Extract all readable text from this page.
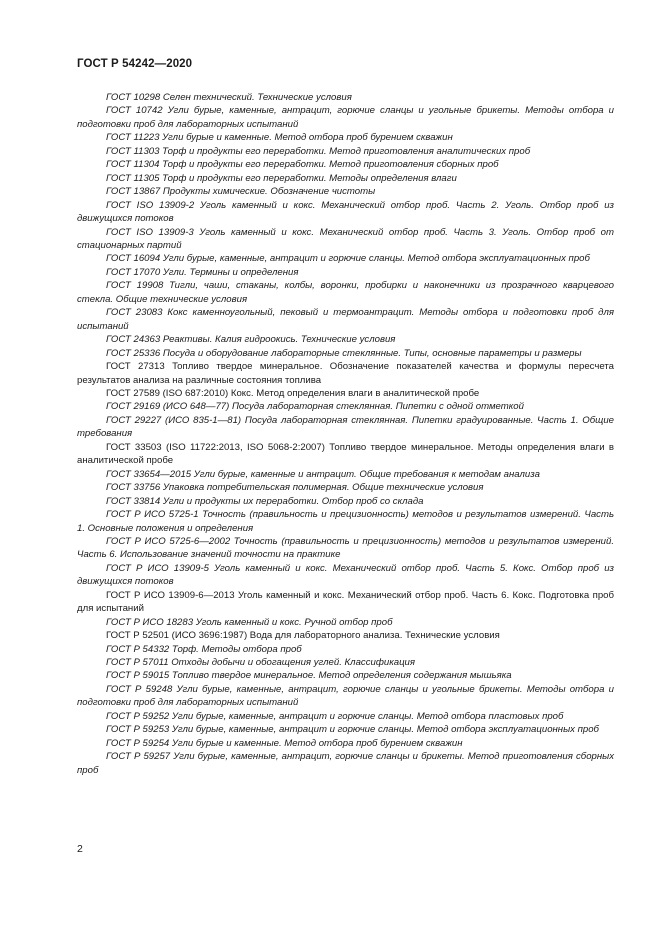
ГОСТ Р 54242—2020
ГОСТ 10298 Селен технический. Технические условия
ГОСТ 10742 Угли бурые, каменные, антрацит, горючие сланцы и угольные брикеты. Методы отбора и подготовки проб для лабораторных испытаний
ГОСТ 11223 Угли бурые и каменные. Метод отбора проб бурением скважин
ГОСТ 11303 Торф и продукты его переработки. Метод приготовления аналитических проб
ГОСТ 11304 Торф и продукты его переработки. Метод приготовления сборных проб
ГОСТ 11305 Торф и продукты его переработки. Методы определения влаги
ГОСТ 13867 Продукты химические. Обозначение чистоты
ГОСТ ISO 13909-2 Уголь каменный и кокс. Механический отбор проб. Часть 2. Уголь. Отбор проб из движущихся потоков
ГОСТ ISO 13909-3 Уголь каменный и кокс. Механический отбор проб. Часть 3. Уголь. Отбор проб от стационарных партий
ГОСТ 16094 Угли бурые, каменные, антрацит и горючие сланцы. Метод отбора эксплуатационных проб
ГОСТ 17070 Угли. Термины и определения
ГОСТ 19908 Тигли, чаши, стаканы, колбы, воронки, пробирки и наконечники из прозрачного кварцевого стекла. Общие технические условия
ГОСТ 23083 Кокс каменноугольный, пековый и термоантрацит. Методы отбора и подготовки проб для испытаний
ГОСТ 24363 Реактивы. Калия гидроокись. Технические условия
ГОСТ 25336 Посуда и оборудование лабораторные стеклянные. Типы, основные параметры и размеры
ГОСТ 27313 Топливо твердое минеральное. Обозначение показателей качества и формулы пересчета результатов анализа на различные состояния топлива
ГОСТ 27589 (ISO 687:2010) Кокс. Метод определения влаги в аналитической пробе
ГОСТ 29169 (ИСО 648—77) Посуда лабораторная стеклянная. Пипетки с одной отметкой
ГОСТ 29227 (ИСО 835-1—81) Посуда лабораторная стеклянная. Пипетки градуированные. Часть 1. Общие требования
ГОСТ 33503 (ISO 11722:2013, ISO 5068-2:2007) Топливо твердое минеральное. Методы определения влаги в аналитической пробе
ГОСТ 33654—2015 Угли бурые, каменные и антрацит. Общие требования к методам анализа
ГОСТ 33756 Упаковка потребительская полимерная. Общие технические условия
ГОСТ 33814 Угли и продукты их переработки. Отбор проб со склада
ГОСТ Р ИСО 5725-1 Точность (правильность и прецизионность) методов и результатов измерений. Часть 1. Основные положения и определения
ГОСТ Р ИСО 5725-6—2002 Точность (правильность и прецизионность) методов и результатов измерений. Часть 6. Использование значений точности на практике
ГОСТ Р ИСО 13909-5 Уголь каменный и кокс. Механический отбор проб. Часть 5. Кокс. Отбор проб из движущихся потоков
ГОСТ Р ИСО 13909-6—2013 Уголь каменный и кокс. Механический отбор проб. Часть 6. Кокс. Подготовка проб для испытаний
ГОСТ Р ИСО 18283 Уголь каменный и кокс. Ручной отбор проб
ГОСТ Р 52501 (ИСО 3696:1987) Вода для лабораторного анализа. Технические условия
ГОСТ Р 54332 Торф. Методы отбора проб
ГОСТ Р 57011 Отходы добычи и обогащения углей. Классификация
ГОСТ Р 59015 Топливо твердое минеральное. Метод определения содержания мышьяка
ГОСТ Р 59248 Угли бурые, каменные, антрацит, горючие сланцы и угольные брикеты. Методы отбора и подготовки проб для лабораторных испытаний
ГОСТ Р 59252 Угли бурые, каменные, антрацит и горючие сланцы. Метод отбора пластовых проб
ГОСТ Р 59253 Угли бурые, каменные, антрацит и горючие сланцы. Метод отбора эксплуатационных проб
ГОСТ Р 59254 Угли бурые и каменные. Метод отбора проб бурением скважин
ГОСТ Р 59257 Угли бурые, каменные, антрацит, горючие сланцы и брикеты. Метод приготовления сборных проб
2
